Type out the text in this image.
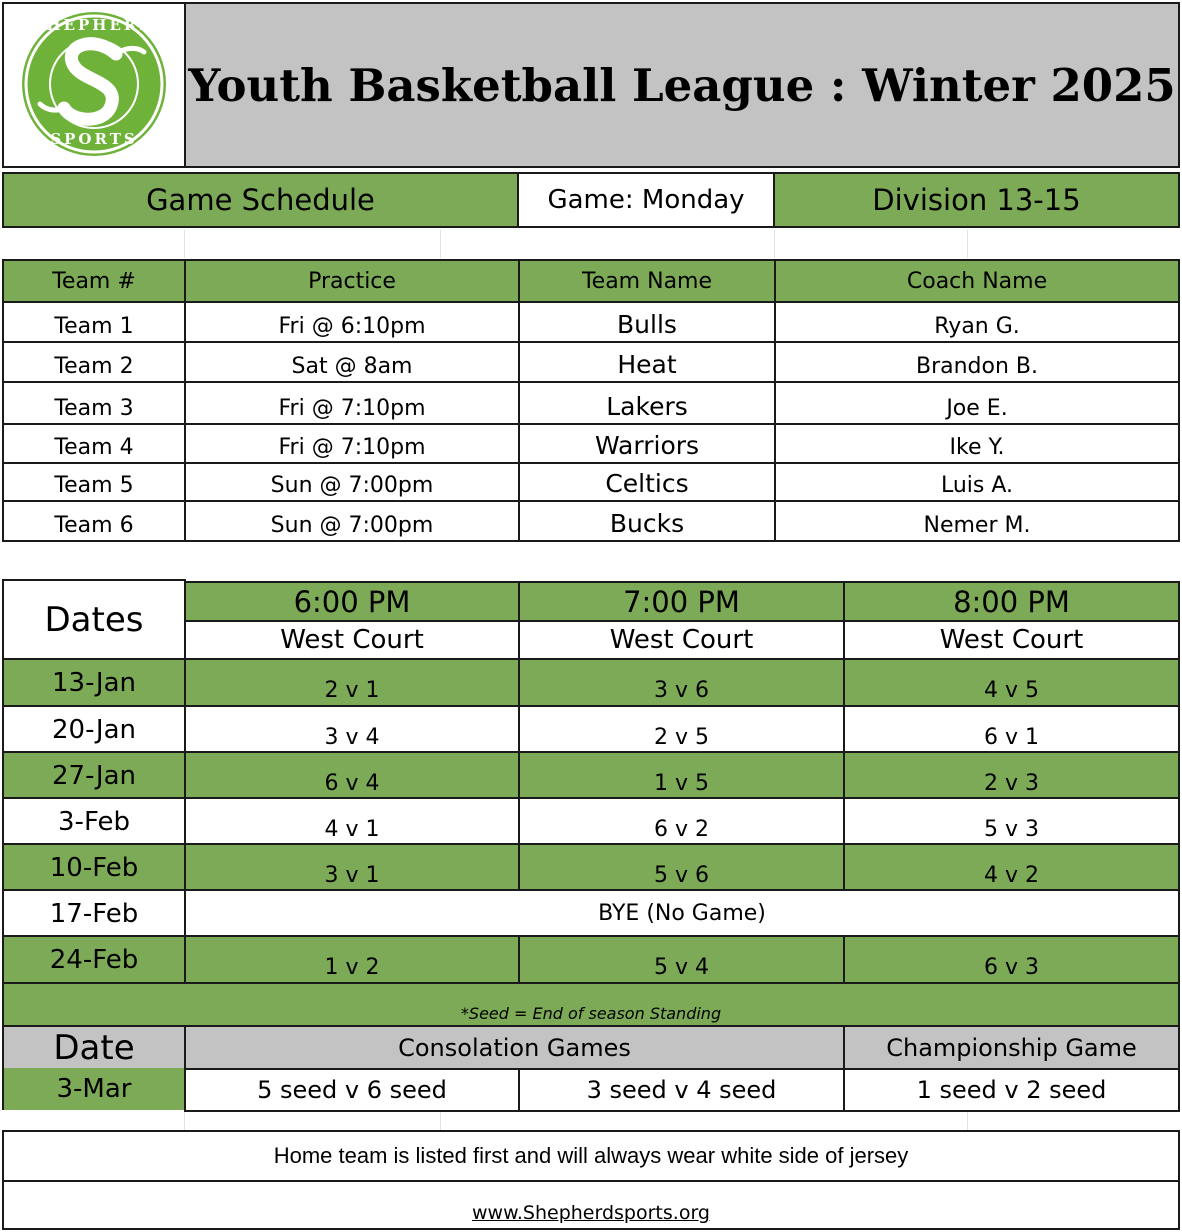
SHEPHERD
SPORTS
Youth Basketball League : Winter 2025
Game Schedule	Game: Monday	Division 13-15
Team #	Practice	Team Name	Coach Name
Team 1	Fri @ 6:10pm	Bulls	Ryan G.
Team 2	Sat @ 8am	Heat	Brandon B.
Team 3	Fri @ 7:10pm	Lakers	Joe E.
Team 4	Fri @ 7:10pm	Warriors	Ike Y.
Team 5	Sun @ 7:00pm	Celtics	Luis A.
Team 6	Sun @ 7:00pm	Bucks	Nemer M.
Dates	6:00 PM	7:00 PM	8:00 PM
West Court	West Court	West Court
13-Jan	2 v 1	3 v 6	4 v 5
20-Jan	3 v 4	2 v 5	6 v 1
27-Jan	6 v 4	1 v 5	2 v 3
3-Feb	4 v 1	6 v 2	5 v 3
10-Feb	3 v 1	5 v 6	4 v 2
17-Feb	BYE (No Game)
24-Feb	1 v 2	5 v 4	6 v 3
*Seed = End of season Standing
Date	Consolation Games	Championship Game
3-Mar	5 seed v 6 seed	3 seed v 4 seed	1 seed v 2 seed
Home team is listed first and will always wear white side of jersey
www.Shepherdsports.org
